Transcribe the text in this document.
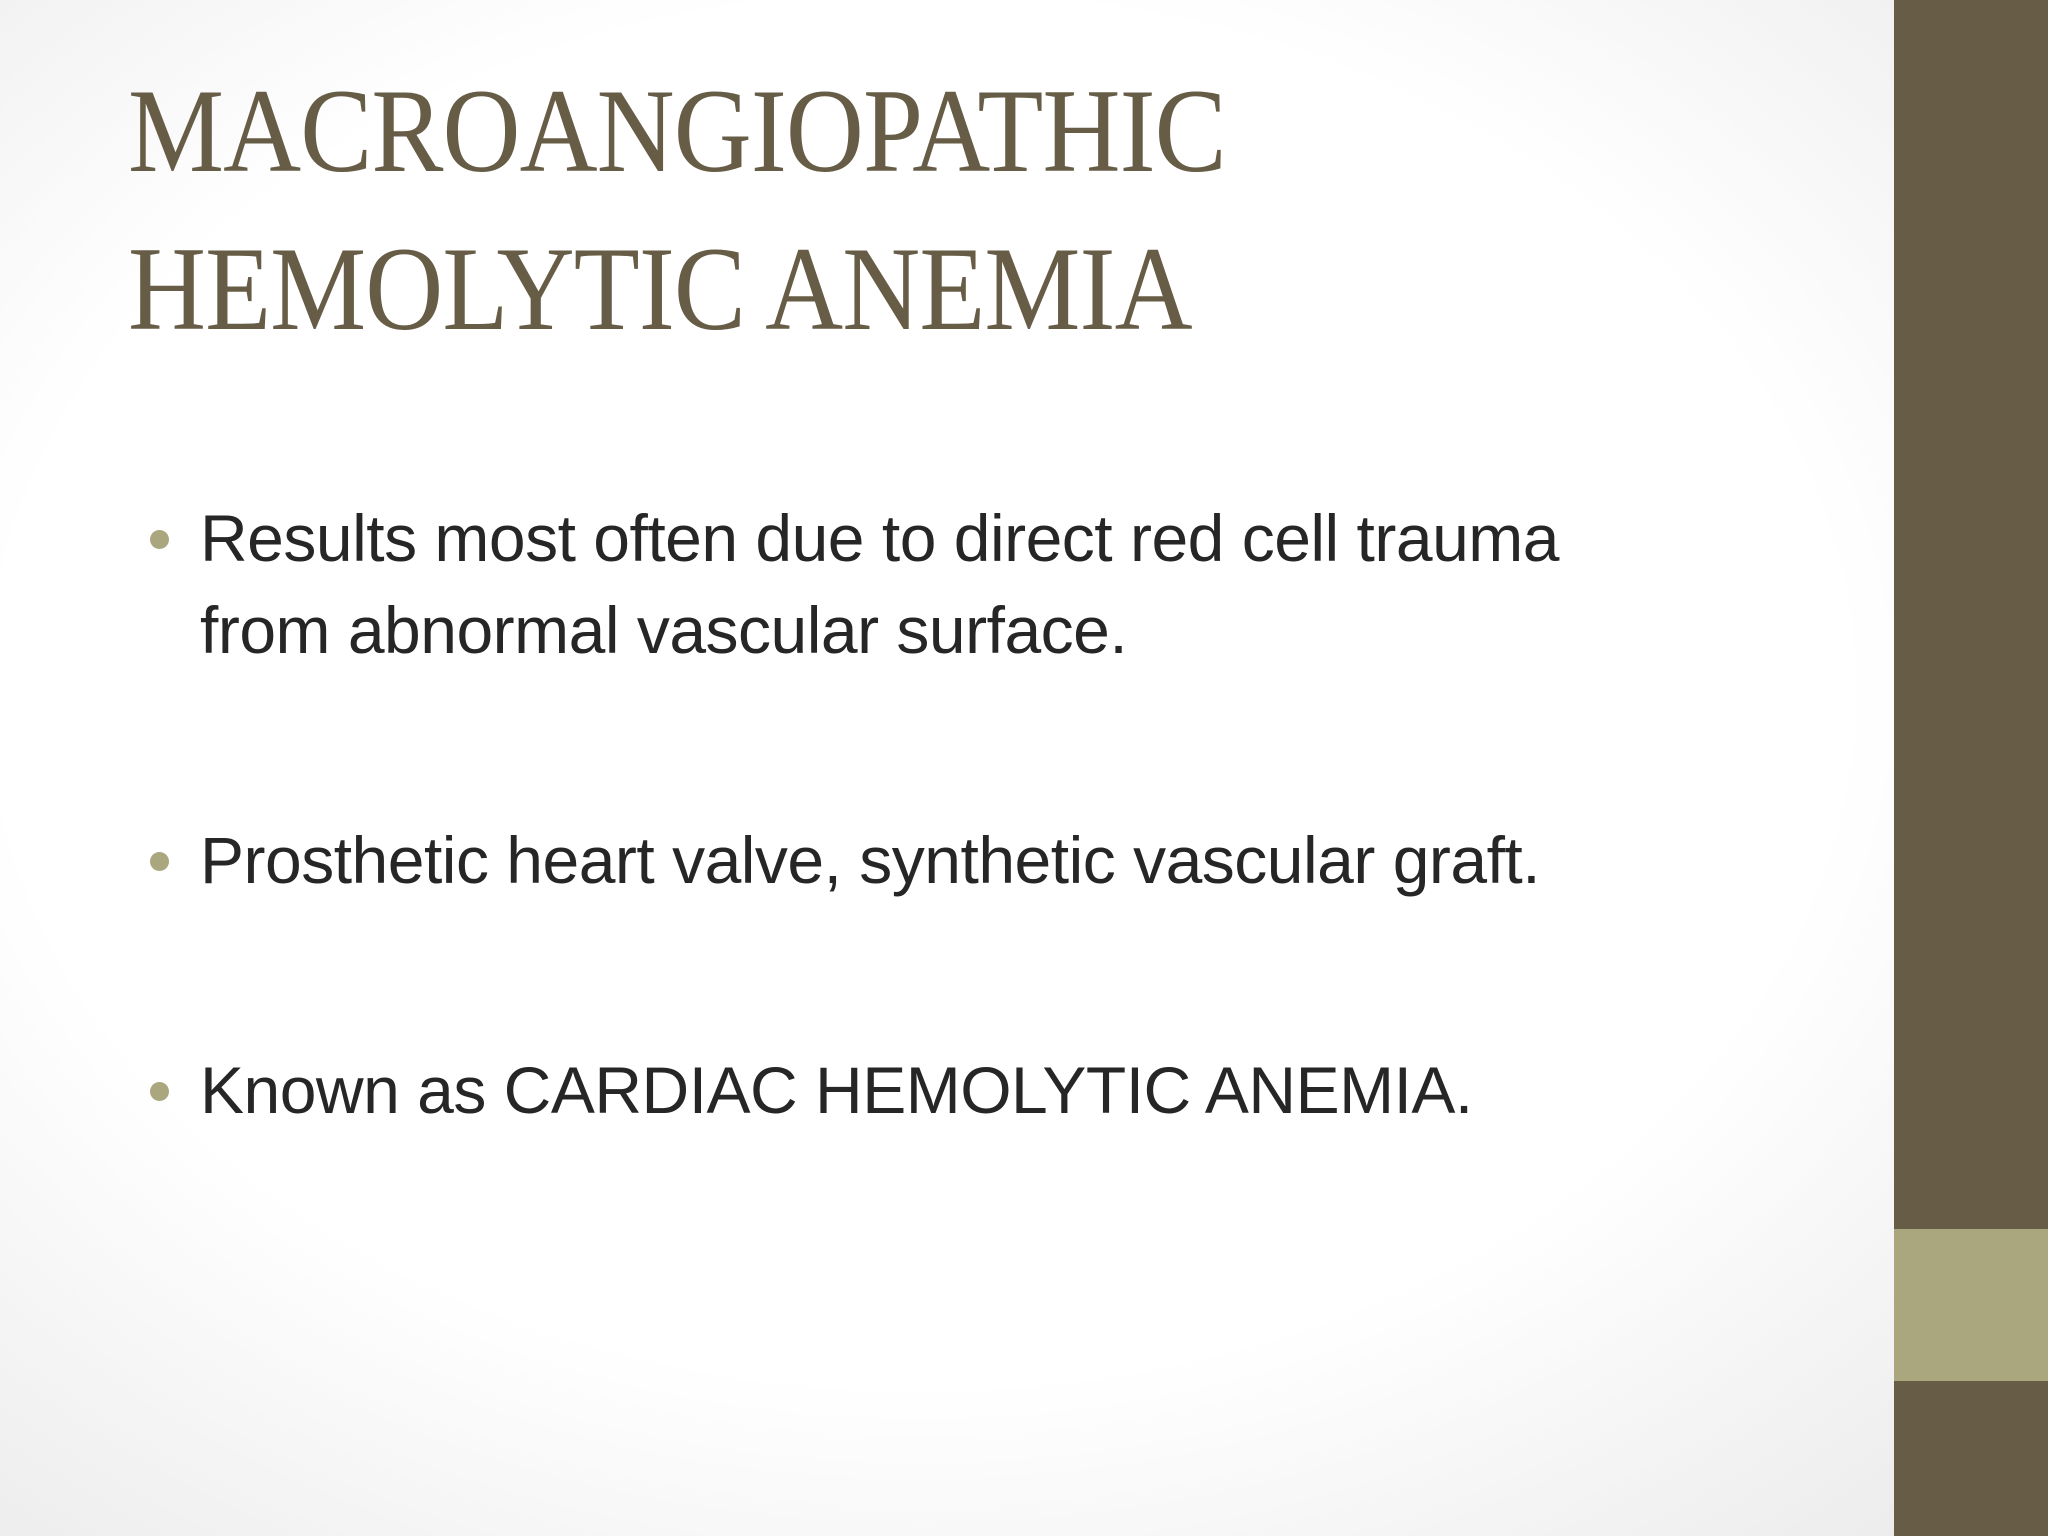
MACROANGIOPATHIC
HEMOLYTIC ANEMIA
Results most often due to direct red cell trauma
from abnormal vascular surface.
Prosthetic heart valve, synthetic vascular graft.
Known as CARDIAC HEMOLYTIC ANEMIA.
